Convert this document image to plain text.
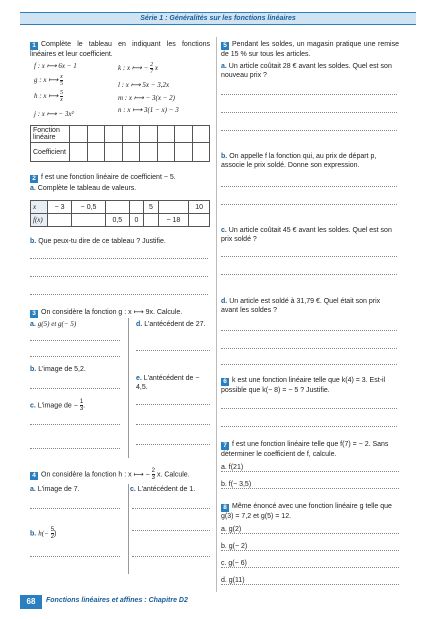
Série 1 : Généralités sur les fonctions linéaires
1 Complète le tableau en indiquant les fonctions linéaires et leur coefficient.
f : x ⟼ 6x − 1
g : x ⟼ $\frac{x}{5}$
h : x ⟼ $\frac{5}{x}$
j : x ⟼ − 3x²
k : x ⟼ − $\frac{2}{7}$ x
l : x ⟼ 5x − 3,2x
m : x ⟼ − 3(x − 2)
n : x ⟼ 3(1 − x) − 3
Fonction linéaire								
Coefficient								
2 f est une fonction linéaire de coefficient − 5.
a. Complète le tableau de valeurs.
x	− 3	− 0,5			5		10
f(x)			0,5	0		− 18	
b. Que peux-tu dire de ce tableau ? Justifie.
3 On considère la fonction g : x ⟼ 9x. Calcule.
a. g(5) et g(− 5)
b. L'image de 5,2.
c. L'image de − $\frac{1}{3}$ .
d. L'antécédent de 27.
e. L'antécédent de − 4,5.
4 On considère la fonction h : x ⟼ − $\frac{2}{3} x$. Calcule.
a. L'image de 7.
b. $h(- \frac{5}{2}$ )
c. L'antécédent de 1.
5 Pendant les soldes, un magasin pratique une remise de 15 % sur tous les articles.
a. Un article coûtait 28 € avant les soldes. Quel est son nouveau prix ?
b. On appelle f la fonction qui, au prix de départ p, associe le prix soldé. Donne son expression.
c. Un article coûtait 45 € avant les soldes. Quel est son prix soldé ?
d. Un article est soldé à 31,79 €. Quel était son prix avant les soldes ?
6 k est une fonction linéaire telle que k(4) = 3. Est-il possible que k(− 8) = − 5 ? Justifie.
7 f est une fonction linéaire telle que f(7) = − 2. Sans déterminer le coefficient de f, calcule.
a. f(21)
b. f(− 3,5)
8 Même énoncé avec une fonction linéaire g telle que g(3) = 7,2 et g(5) = 12.
a. g(2)
b. g(− 2)
c. g(− 6)
d. g(11)
68	Fonctions linéaires et affines : Chapitre D2
